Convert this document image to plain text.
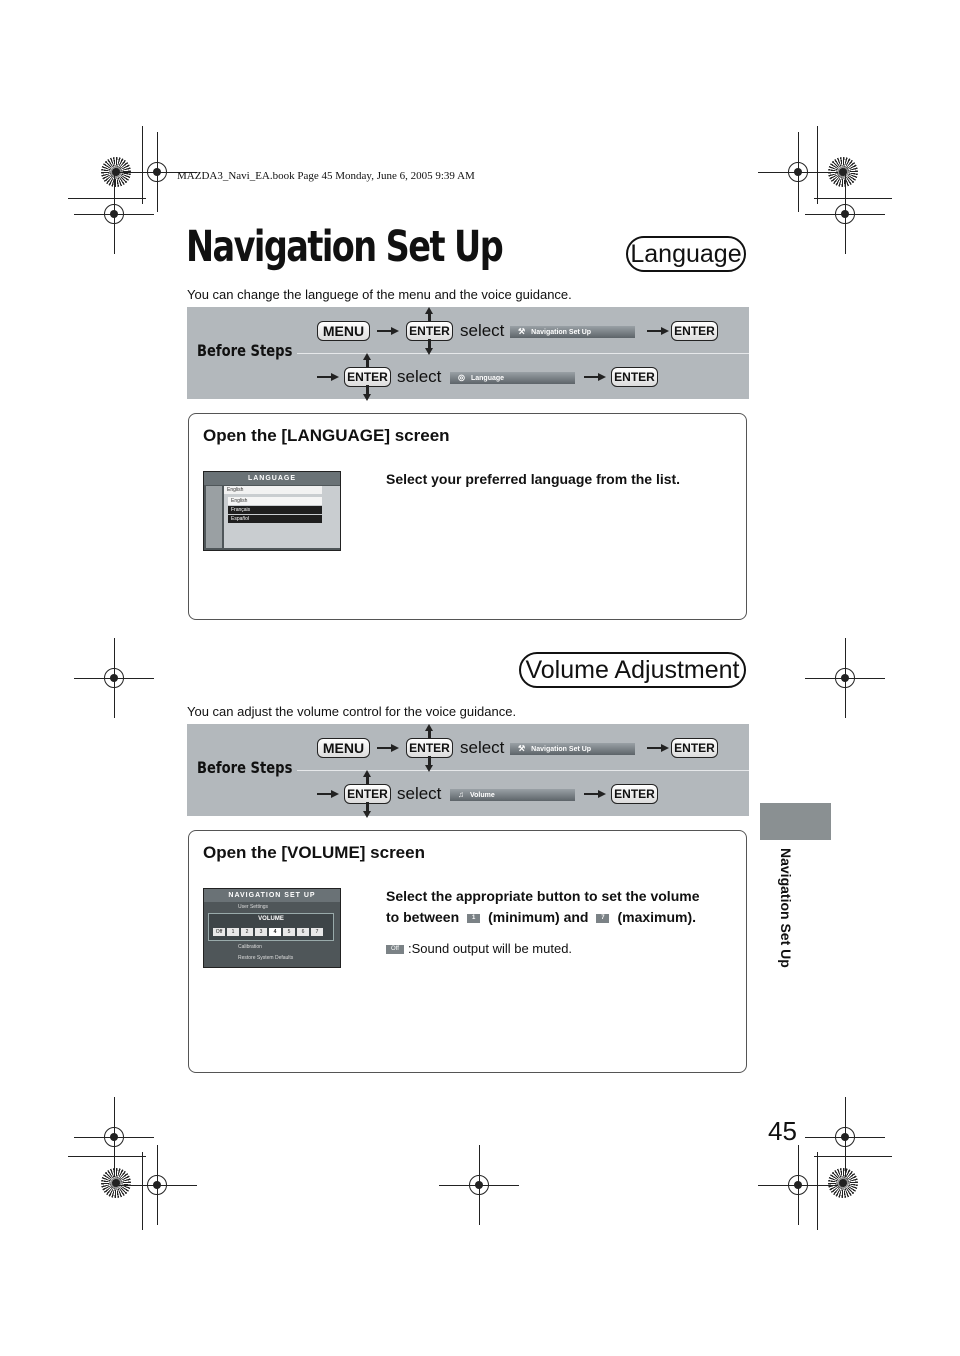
MAZDA3_Navi_EA.book Page 45 Monday, June 6, 2005 9:39 AM
Navigation Set Up	Language
You can change the languege of the menu and the voice guidance.
Before Steps
MENU	ENTER select	⚒ Navigation Set Up	ENTER
ENTER select	◎ Language	ENTER
Open the [LANGUAGE] screen
LANGUAGE
English
English
Français
Español
Select your preferred language from the list.
Volume Adjustment
You can adjust the volume control for the voice guidance.
Before Steps
MENU	ENTER select	⚒ Navigation Set Up	ENTER
ENTER select	♫ Volume	ENTER
Open the [VOLUME] screen
NAVIGATION SET UP
User Settings
VOLUME
Off	1	2	3	4	5	6	7
Calibration
Restore System Defaults
Select the appropriate button to set the volume
to between 1 (minimum) and 7 (maximum).
Off :Sound output will be muted.	Navigation Set Up
45
